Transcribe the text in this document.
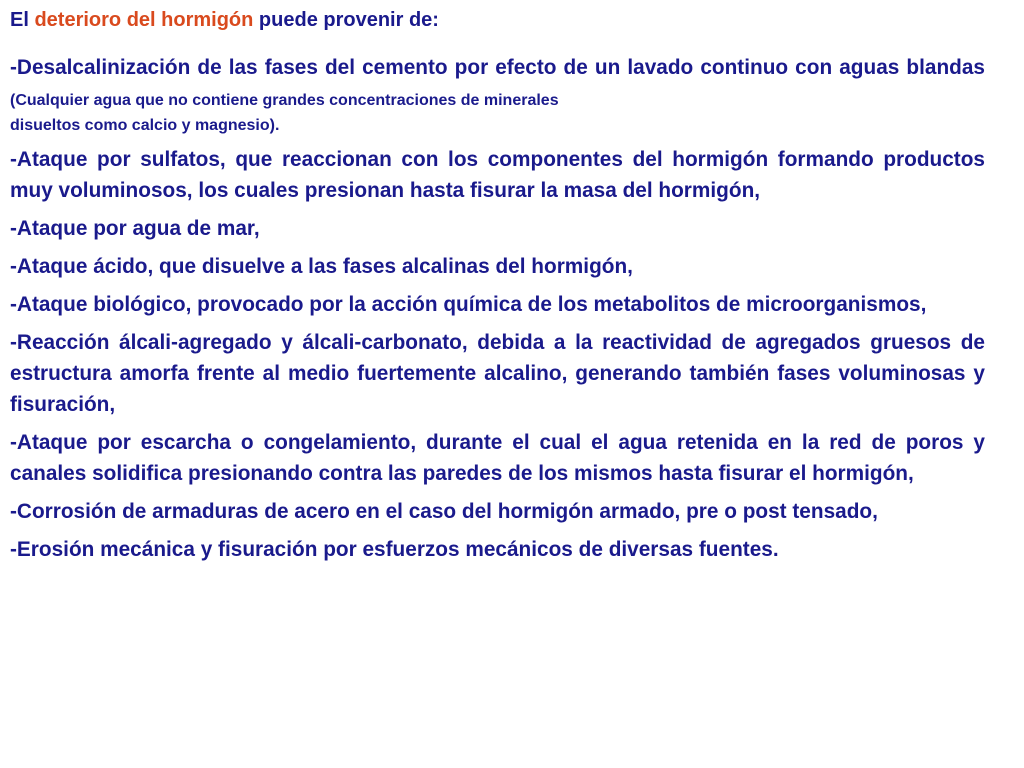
El deterioro del hormigón puede provenir de:
-Desalcalinización de las fases del cemento por efecto de un lavado continuo con aguas blandas (Cualquier agua que no contiene grandes concentraciones de minerales
disueltos como calcio y magnesio).
-Ataque por sulfatos, que reaccionan con los componentes del hormigón formando productos muy voluminosos, los cuales presionan hasta fisurar la masa del hormigón,
-Ataque por agua de mar,
-Ataque ácido, que disuelve a las fases alcalinas del hormigón,
-Ataque biológico, provocado por la acción química de los metabolitos de microorganismos,
-Reacción álcali-agregado y álcali-carbonato, debida a la reactividad de agregados gruesos de estructura amorfa frente al medio fuertemente alcalino, generando también fases voluminosas y fisuración,
-Ataque por escarcha o congelamiento, durante el cual el agua retenida en la red de poros y canales solidifica presionando contra las paredes de los mismos hasta fisurar el hormigón,
-Corrosión de armaduras de acero en el caso del hormigón armado, pre o post tensado,
-Erosión mecánica y fisuración por esfuerzos mecánicos de diversas fuentes.
